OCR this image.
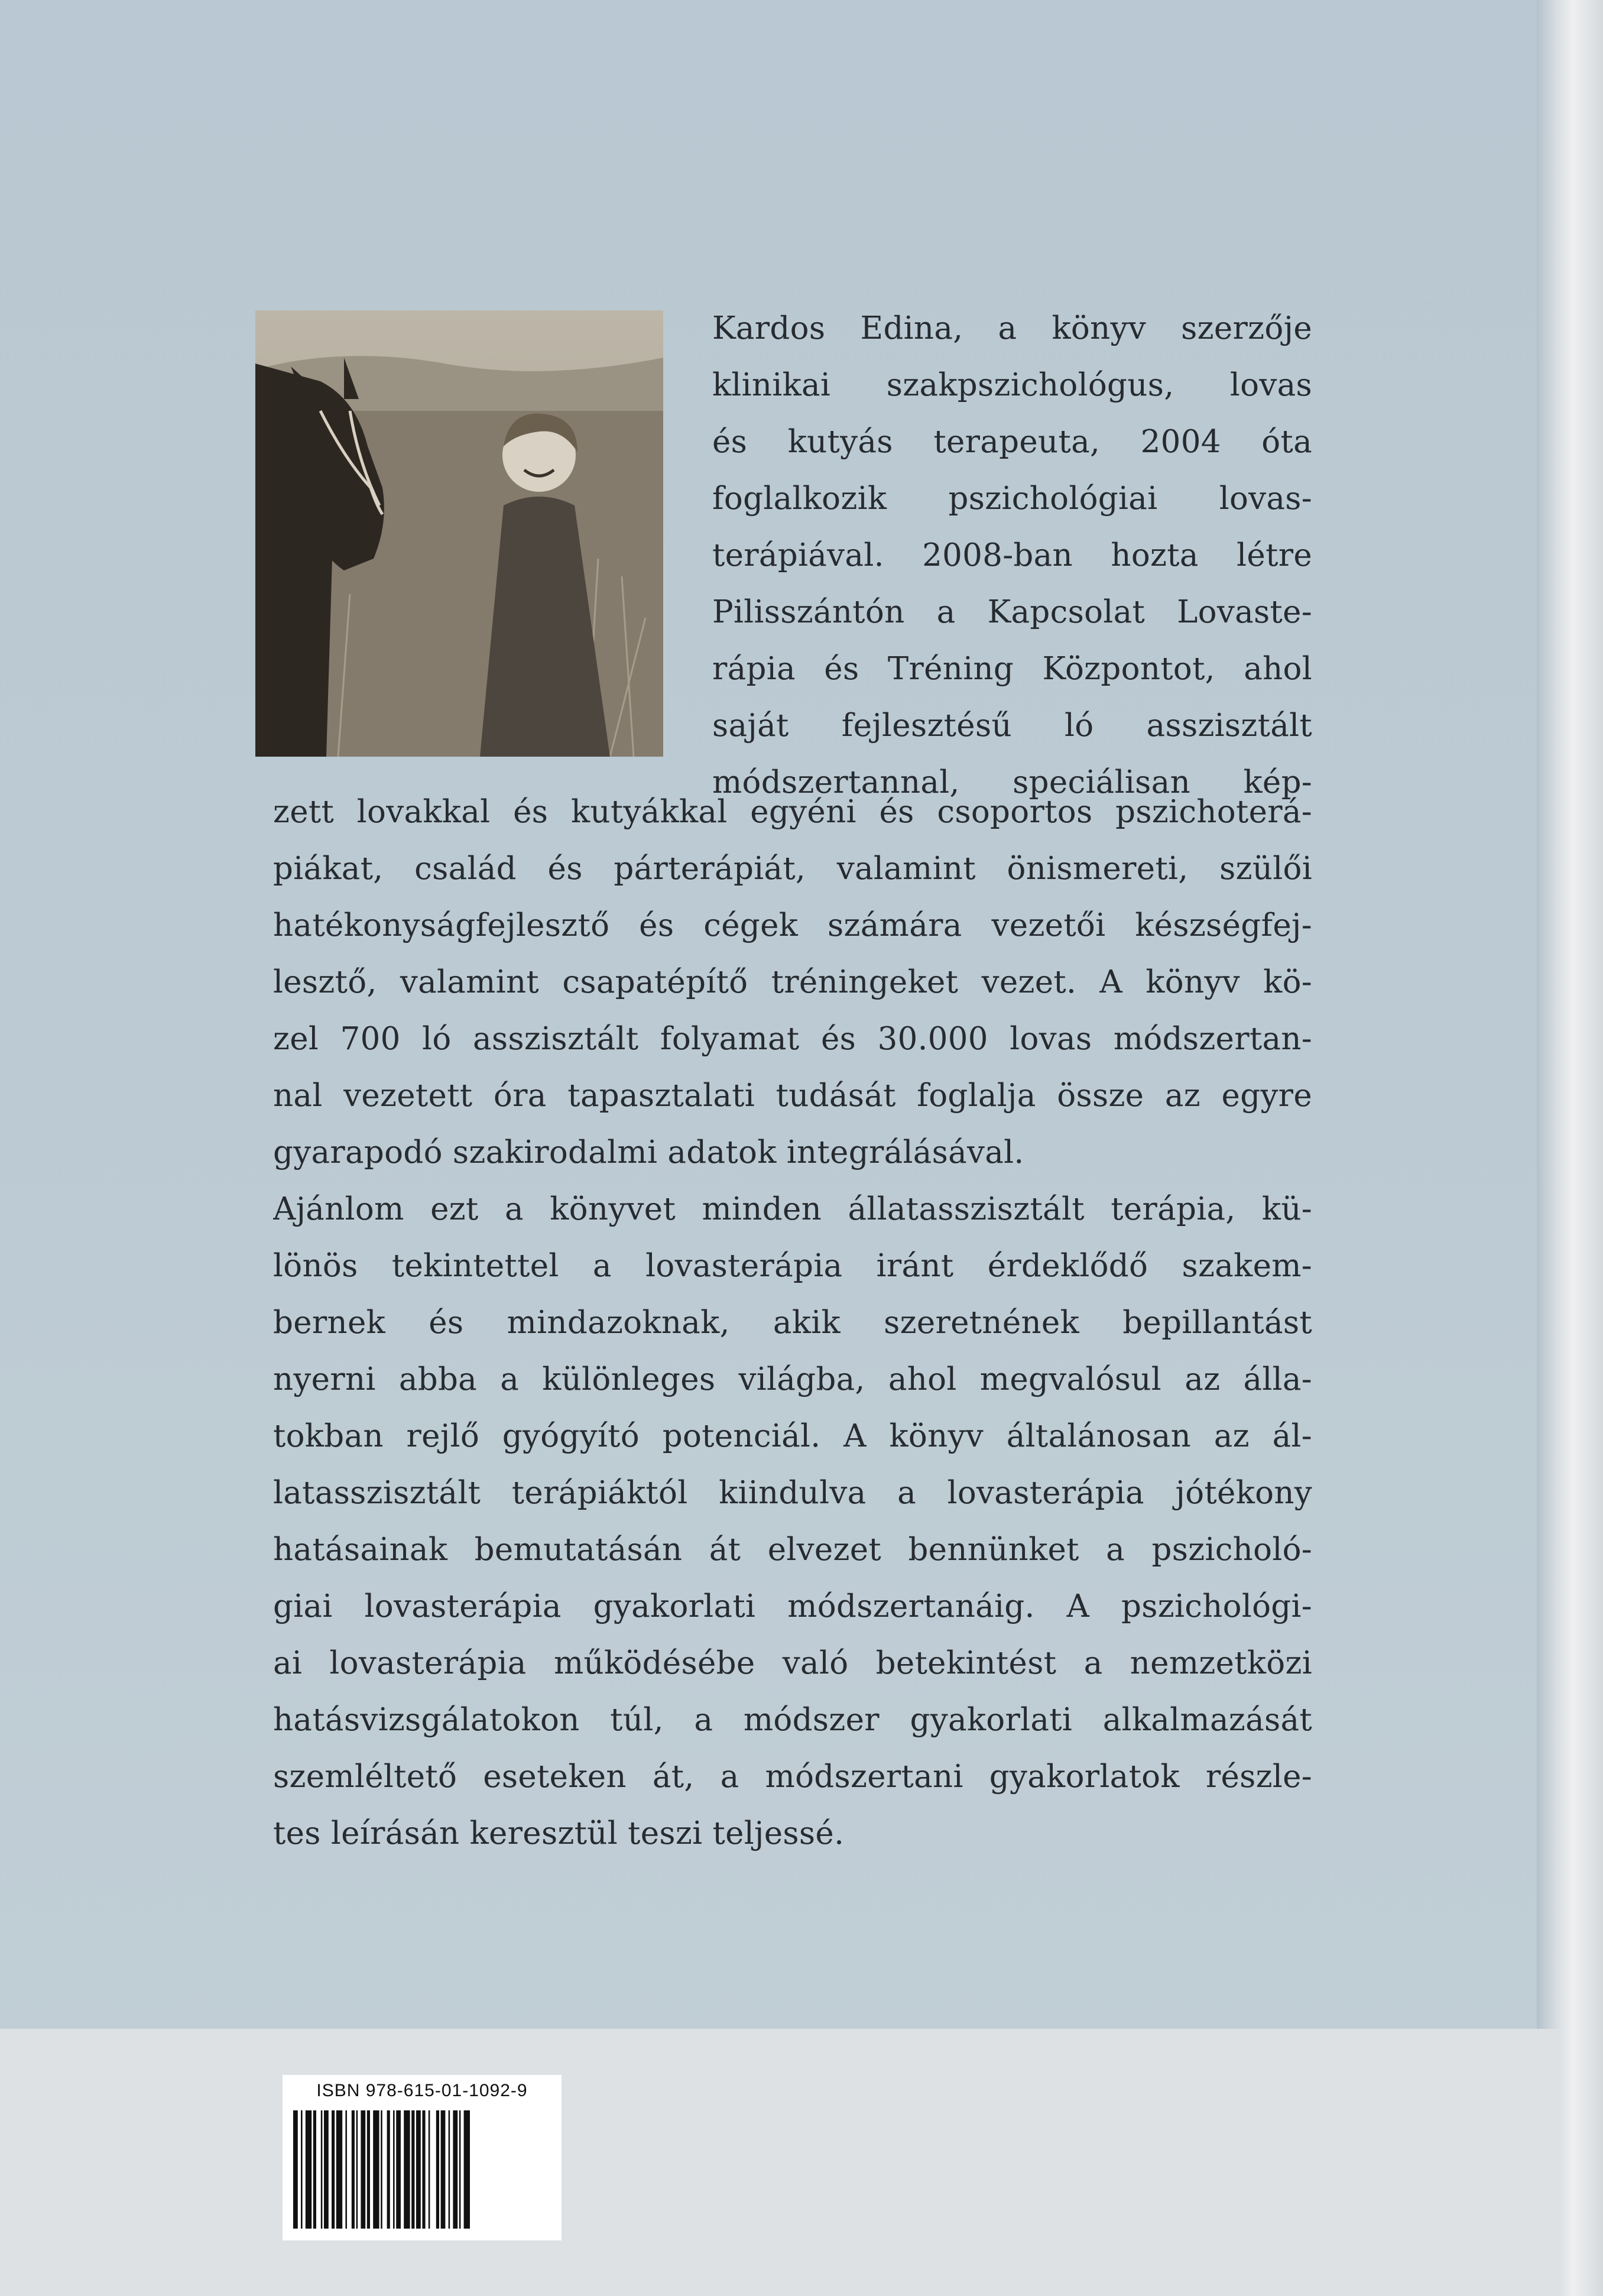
Kardos Edina, a könyv szerzője
klinikai szakpszichológus, lovas
és kutyás terapeuta, 2004 óta
foglalkozik pszichológiai lovas-
terápiával. 2008-ban hozta létre
Pilisszántón a Kapcsolat Lovaste-
rápia és Tréning Központot, ahol
saját fejlesztésű ló asszisztált
módszertannal, speciálisan kép-
zett lovakkal és kutyákkal egyéni és csoportos pszichoterá-
piákat, család és párterápiát, valamint önismereti, szülői
hatékonyságfejlesztő és cégek számára vezetői készségfej-
lesztő, valamint csapatépítő tréningeket vezet. A könyv kö-
zel 700 ló asszisztált folyamat és 30.000 lovas módszertan-
nal vezetett óra tapasztalati tudását foglalja össze az egyre
gyarapodó szakirodalmi adatok integrálásával.
Ajánlom ezt a könyvet minden állatasszisztált terápia, kü-
lönös tekintettel a lovasterápia iránt érdeklődő szakem-
bernek és mindazoknak, akik szeretnének bepillantást
nyerni abba a különleges világba, ahol megvalósul az álla-
tokban rejlő gyógyító potenciál. A könyv általánosan az ál-
latasszisztált terápiáktól kiindulva a lovasterápia jótékony
hatásainak bemutatásán át elvezet bennünket a pszicholó-
giai lovasterápia gyakorlati módszertanáig. A pszichológi-
ai lovasterápia működésébe való betekintést a nemzetközi
hatásvizsgálatokon túl, a módszer gyakorlati alkalmazását
szemléltető eseteken át, a módszertani gyakorlatok részle-
tes leírásán keresztül teszi teljessé.
ISBN 978-615-01-1092-9
